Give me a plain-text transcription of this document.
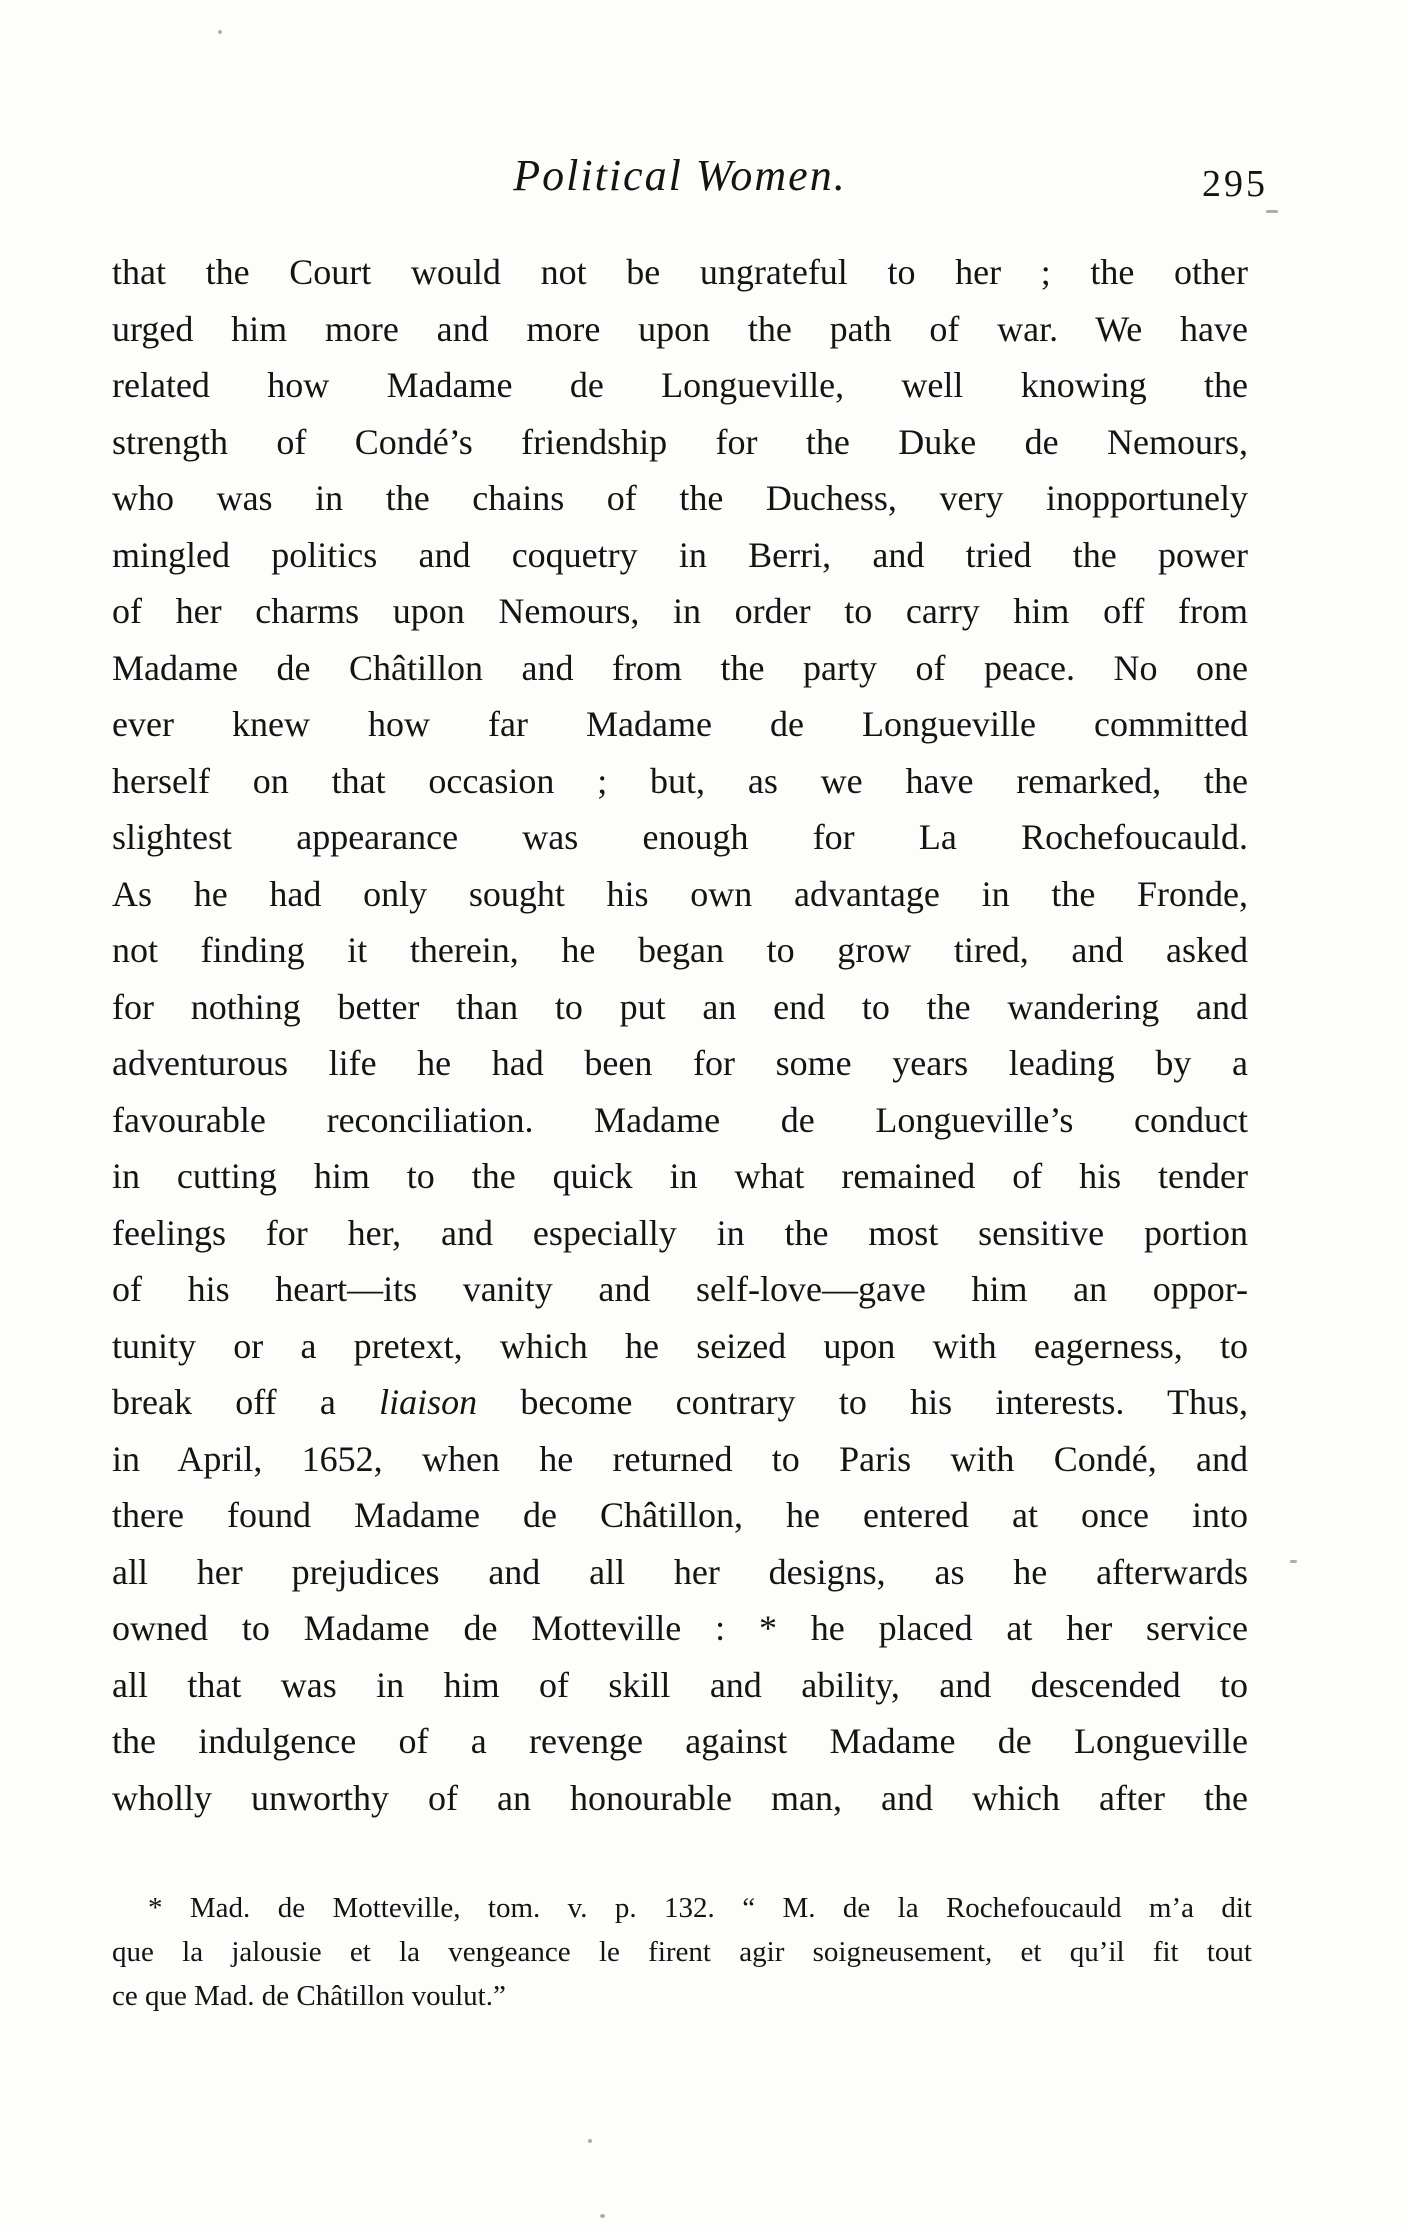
Political Women.	295
that the Court would not be ungrateful to her ; the other
urged him more and more upon the path of war. We have
related how Madame de Longueville, well knowing the
strength of Condé’s friendship for the Duke de Nemours,
who was in the chains of the Duchess, very inopportunely
mingled politics and coquetry in Berri, and tried the power
of her charms upon Nemours, in order to carry him off from
Madame de Châtillon and from the party of peace. No one
ever knew how far Madame de Longueville committed
herself on that occasion ; but, as we have remarked, the
slightest appearance was enough for La Rochefoucauld.
As he had only sought his own advantage in the Fronde,
not finding it therein, he began to grow tired, and asked
for nothing better than to put an end to the wandering and
adventurous life he had been for some years leading by a
favourable reconciliation. Madame de Longueville’s conduct
in cutting him to the quick in what remained of his tender
feelings for her, and especially in the most sensitive portion
of his heart—its vanity and self-love—gave him an oppor-
tunity or a pretext, which he seized upon with eagerness, to
break off a liaison become contrary to his interests. Thus,
in April, 1652, when he returned to Paris with Condé, and
there found Madame de Châtillon, he entered at once into
all her prejudices and all her designs, as he afterwards
owned to Madame de Motteville : * he placed at her service
all that was in him of skill and ability, and descended to
the indulgence of a revenge against Madame de Longueville
wholly unworthy of an honourable man, and which after the
* Mad. de Motteville, tom. v. p. 132. “ M. de la Rochefoucauld m’a dit
que la jalousie et la vengeance le firent agir soigneusement, et qu’il fit tout
ce que Mad. de Châtillon voulut.”
